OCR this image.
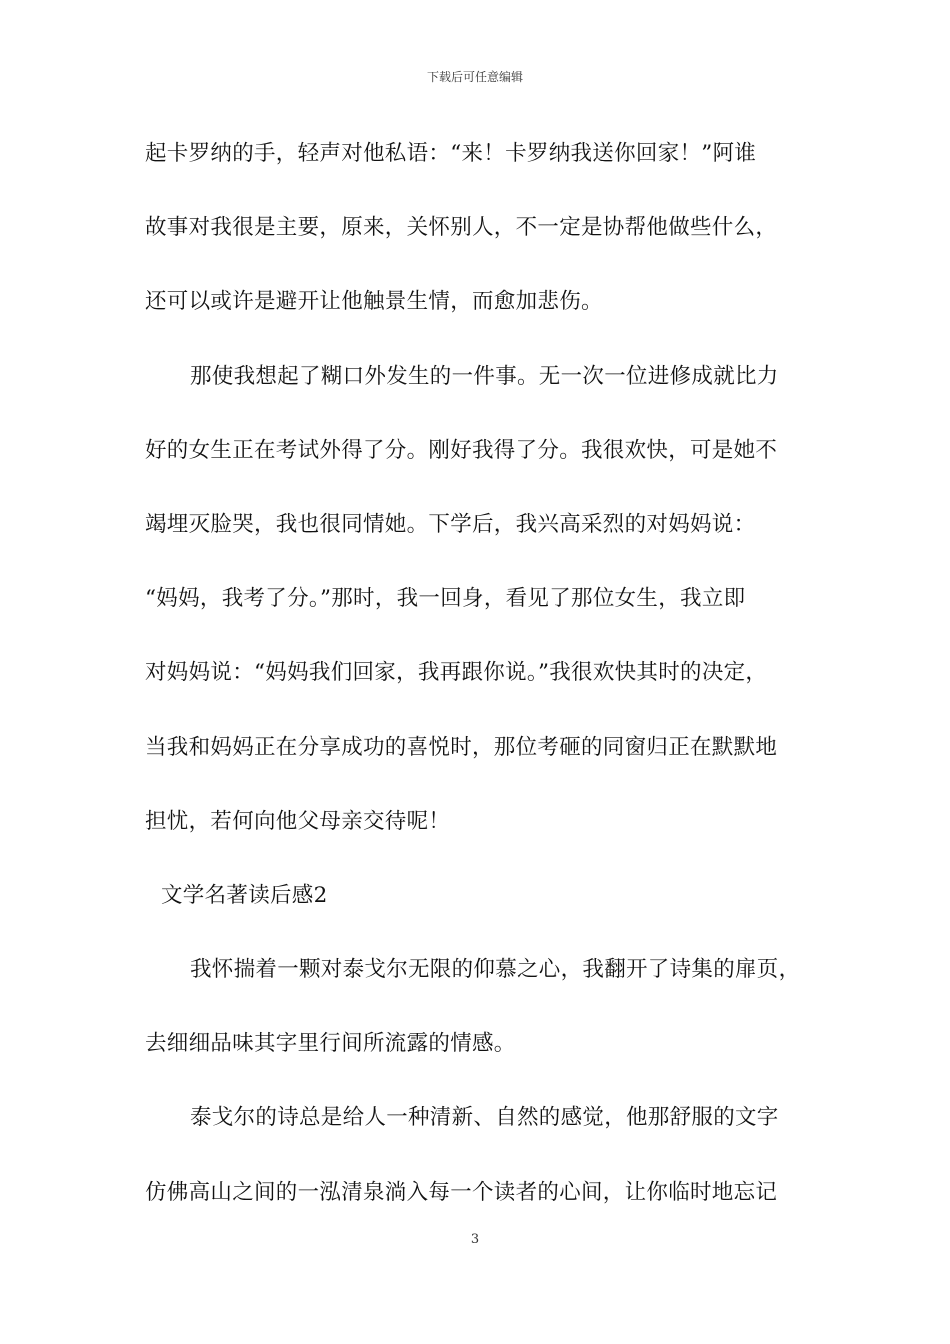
下载后可任意编辑
起卡罗纳的手，轻声对他私语：“来！卡罗纳我送你回家！”阿谁
故事对我很是主要，原来，关怀别人，不一定是协帮他做些什么，
还可以或许是避开让他触景生情，而愈加悲伤。
那使我想起了糊口外发生的一件事。无一次一位进修成就比力
好的女生正在考试外得了分。刚好我得了分。我很欢快，可是她不
竭埋灭脸哭，我也很同情她。下学后，我兴高采烈的对妈妈说：
“妈妈，我考了分。”那时，我一回身，看见了那位女生，我立即
对妈妈说：“妈妈我们回家，我再跟你说。”我很欢快其时的决定，
当我和妈妈正在分享成功的喜悦时，那位考砸的同窗归正在默默地
担忧，若何向他父母亲交待呢！
文学名著读后感2
我怀揣着一颗对泰戈尔无限的仰慕之心，我翻开了诗集的扉页，
去细细品味其字里行间所流露的情感。
泰戈尔的诗总是给人一种清新、自然的感觉，他那舒服的文字
仿佛高山之间的一泓清泉淌入每一个读者的心间，让你临时地忘记
3
